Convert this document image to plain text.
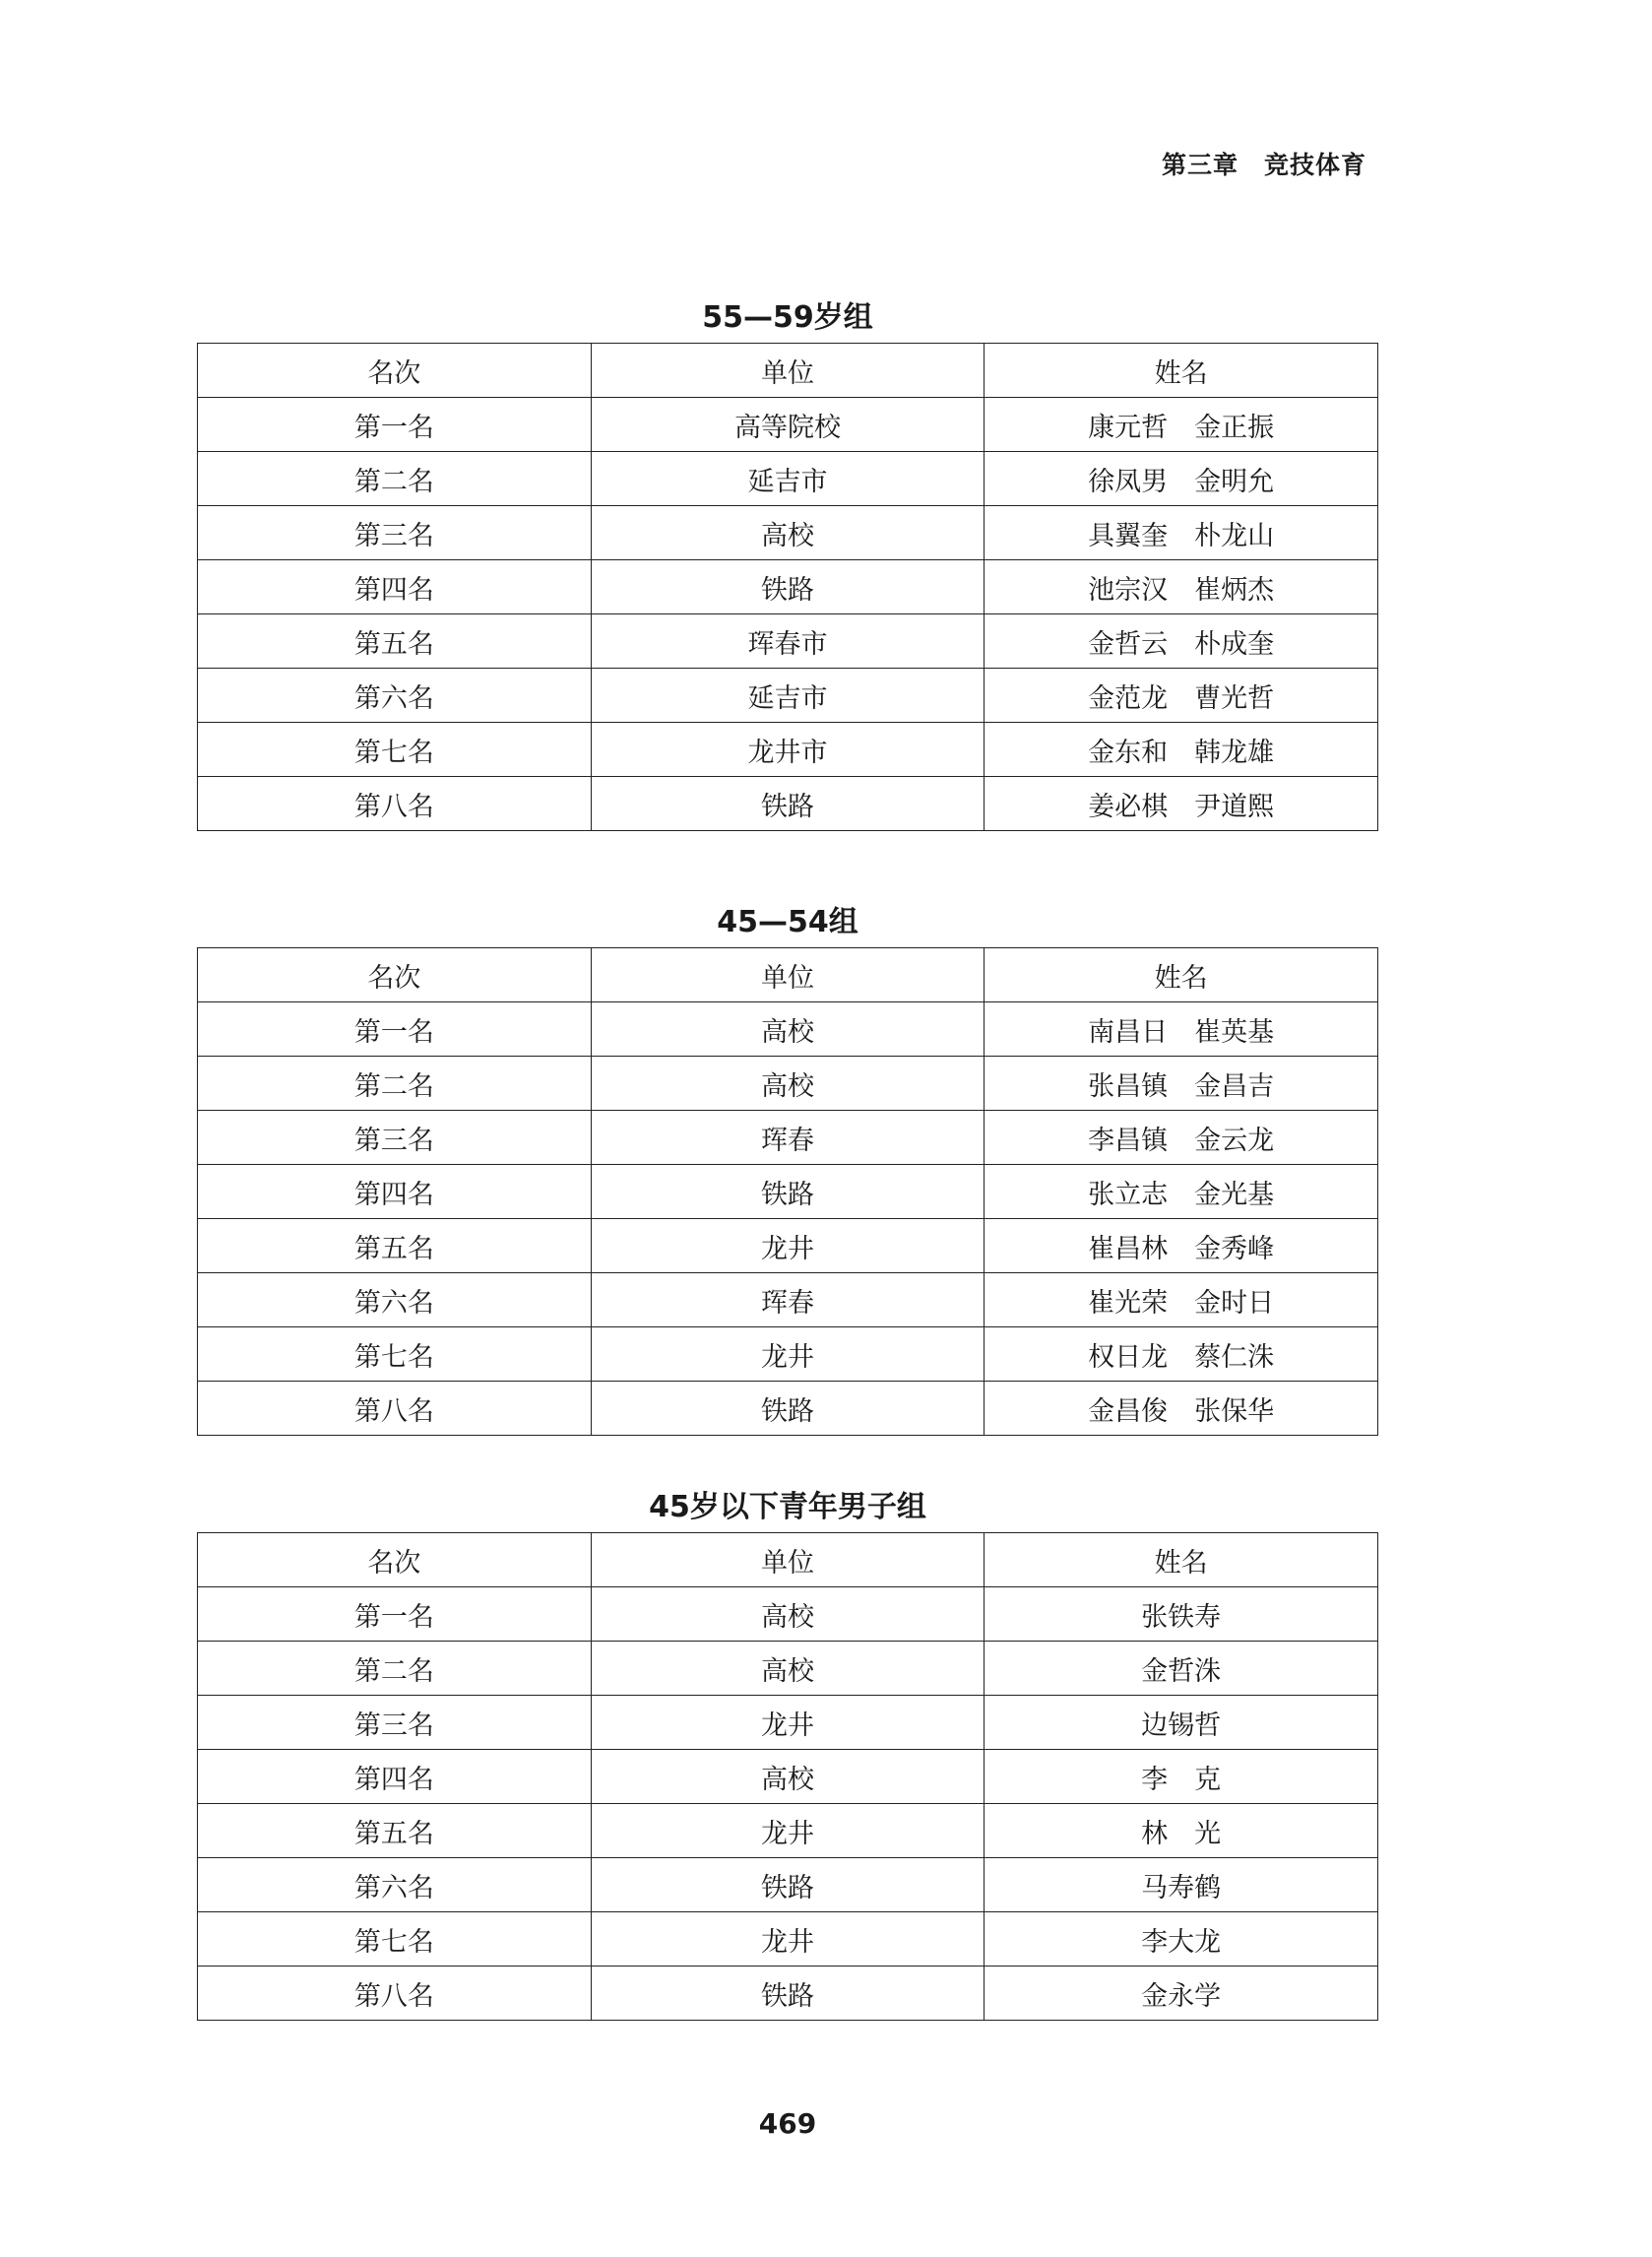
第三章　竞技体育
55—59岁组
名次	单位	姓名
第一名	高等院校	康元哲　金正振
第二名	延吉市	徐凤男　金明允
第三名	高校	具翼奎　朴龙山
第四名	铁路	池宗汉　崔炳杰
第五名	珲春市	金哲云　朴成奎
第六名	延吉市	金范龙　曹光哲
第七名	龙井市	金东和　韩龙雄
第八名	铁路	姜必棋　尹道熙
45—54组
名次	单位	姓名
第一名	高校	南昌日　崔英基
第二名	高校	张昌镇　金昌吉
第三名	珲春	李昌镇　金云龙
第四名	铁路	张立志　金光基
第五名	龙井	崔昌林　金秀峰
第六名	珲春	崔光荣　金时日
第七名	龙井	权日龙　蔡仁洙
第八名	铁路	金昌俊　张保华
45岁以下青年男子组
名次	单位	姓名
第一名	高校	张铁寿
第二名	高校	金哲洙
第三名	龙井	边锡哲
第四名	高校	李　克
第五名	龙井	林　光
第六名	铁路	马寿鹤
第七名	龙井	李大龙
第八名	铁路	金永学
469
